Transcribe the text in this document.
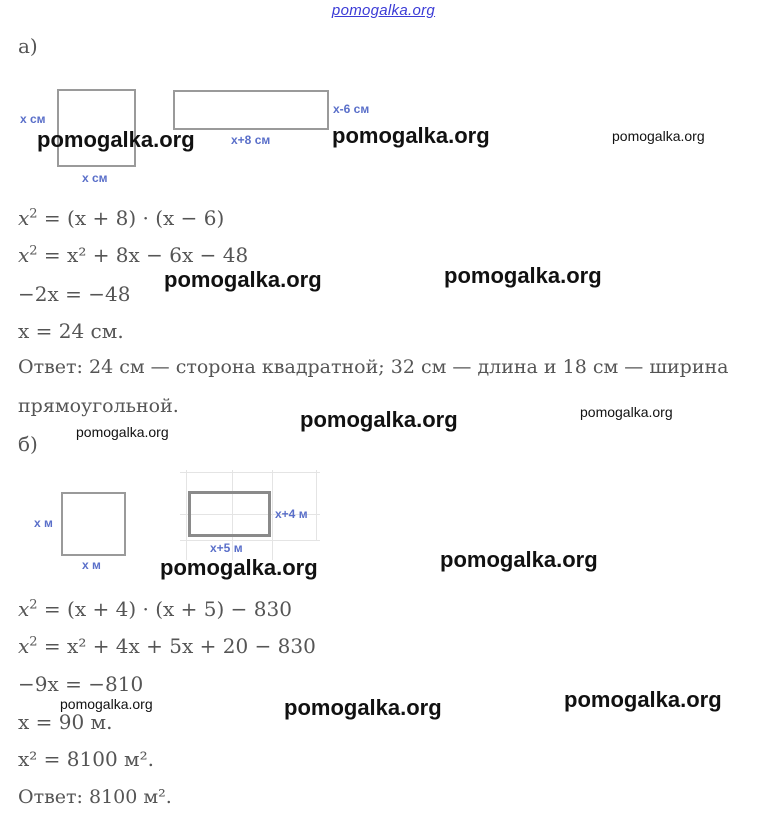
pomogalka.org
а)
x см
x см
x+8 см
x-6 см
$x^2 = (x + 8) \cdot (x - 6)$
$x^2 = x^2 + 8x - 6x - 48$
−2x = −48
x = 24 см.
Ответ: 24 см — сторона квадратной; 32 см — длина и 18 см — ширина
прямоугольной.
б)
x м
x м
x+5 м
x+4 м
$x^2 = (x + 4) \cdot (x + 5) - 830$
$x^2 = x^2 + 4x + 5x + 20 - 830$
−9x = −810
x = 90 м.
x² = 8100 м².
Ответ: 8100 м².
pomogalka.org	pomogalka.org	pomogalka.org
pomogalka.org	pomogalka.org
pomogalka.org	pomogalka.org
pomogalka.org
pomogalka.org	pomogalka.org
pomogalka.org	pomogalka.org	pomogalka.org
